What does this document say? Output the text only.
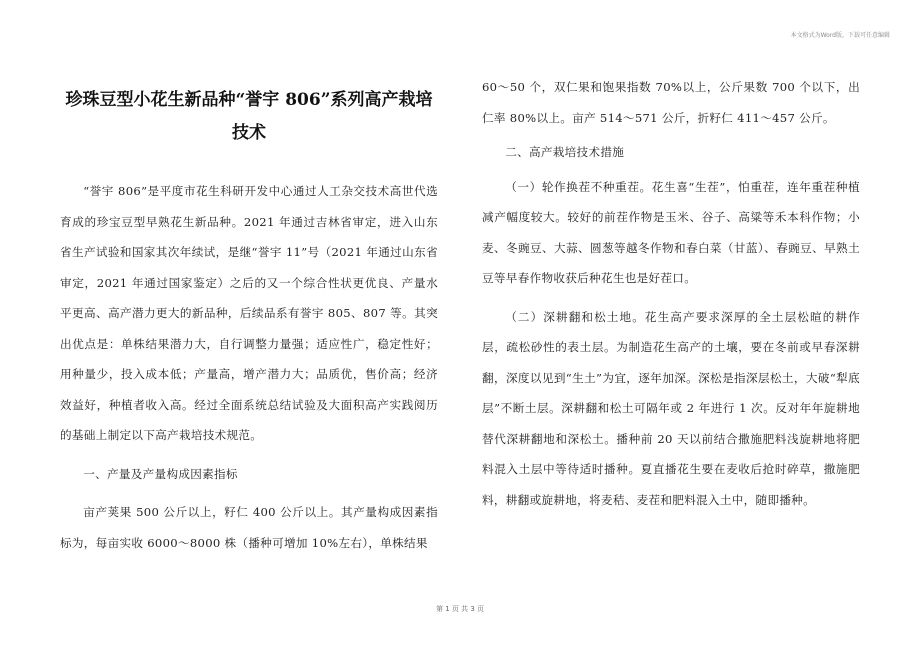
本文格式为Word版，下载可任意编辑
珍珠豆型小花生新品种“誉宇 806”系列高产栽培技术

“誉宇 806”是平度市花生科研开发中心通过人工杂交技术高世代选育成的珍宝豆型早熟花生新品种。2021 年通过吉林省审定，进入山东省生产试验和国家其次年续试，是继“誉宇 11”号（2021 年通过山东省审定，2021 年通过国家鉴定）之后的又一个综合性状更优良、产量水平更高、高产潜力更大的新品种，后续品系有誉宇 805、807 等。其突出优点是：单株结果潜力大，自行调整力量强；适应性广，稳定性好；用种量少，投入成本低；产量高，增产潜力大；品质优，售价高；经济效益好，种植者收入高。经过全面系统总结试验及大面积高产实践阅历的基础上制定以下高产栽培技术规范。

一、产量及产量构成因素指标

亩产荚果 500 公斤以上，籽仁 400 公斤以上。其产量构成因素指标为，每亩实收 6000～8000 株（播种可增加 10%左右），单株结果

60～50 个，双仁果和饱果指数 70%以上，公斤果数 700 个以下，出仁率 80%以上。亩产 514～571 公斤，折籽仁 411～457 公斤。

二、高产栽培技术措施

（一）轮作换茬不种重茬。花生喜“生茬”，怕重茬，连年重茬种植减产幅度较大。较好的前茬作物是玉米、谷子、高粱等禾本科作物；小麦、冬豌豆、大蒜、圆葱等越冬作物和春白菜（甘蓝）、春豌豆、早熟土豆等早春作物收获后种花生也是好茬口。

（二）深耕翻和松土地。花生高产要求深厚的全土层松暄的耕作层，疏松砂性的表土层。为制造花生高产的土壤，要在冬前或早春深耕翻，深度以见到“生土”为宜，逐年加深。深松是指深层松土，大破“犁底层”不断土层。深耕翻和松土可隔年或 2 年进行 1 次。反对年年旋耕地替代深耕翻地和深松土。播种前 20 天以前结合撒施肥料浅旋耕地将肥料混入土层中等待适时播种。夏直播花生要在麦收后抢时碎草，撒施肥料，耕翻或旋耕地，将麦秸、麦茬和肥料混入土中，随即播种。

第 1 页 共 3 页
